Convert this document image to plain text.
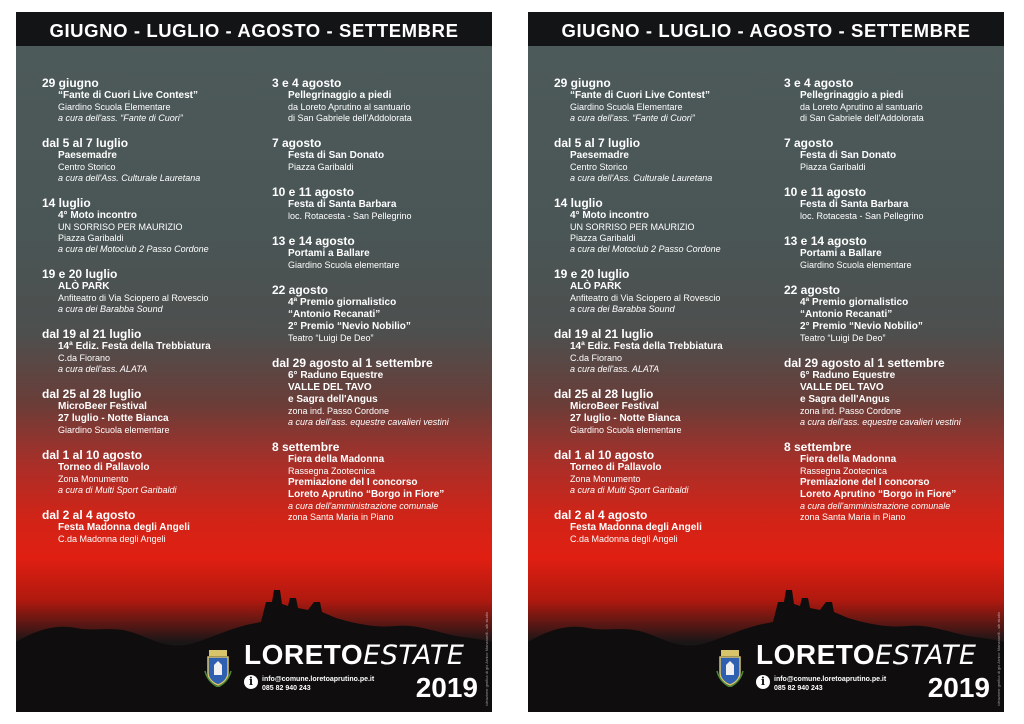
GIUGNO - LUGLIO - AGOSTO - SETTEMBRE
29 giugno
“Fante di Cuori Live Contest”
Giardino Scuola Elementare
a cura dell'ass. “Fante di Cuori”
dal 5 al 7 luglio
Paesemadre
Centro Storico
a cura dell'Ass. Culturale Lauretana
14 luglio
4° Moto incontro
UN SORRISO PER MAURIZIO
Piazza Garibaldi
a cura del Motoclub 2 Passo Cordone
19 e 20 luglio
ALÒ PARK
Anfiteatro di Via Sciopero al Rovescio
a cura dei Barabba Sound
dal 19 al 21 luglio
14ª Ediz. Festa della Trebbiatura
C.da Fiorano
a cura dell'ass. ALATA
dal 25 al 28 luglio
MicroBeer Festival
27 luglio - Notte Bianca
Giardino Scuola elementare
dal 1 al 10 agosto
Torneo di Pallavolo
Zona Monumento
a cura di Multi Sport Garibaldi
dal 2 al 4 agosto
Festa Madonna degli Angeli
C.da Madonna degli Angeli
3 e 4 agosto
Pellegrinaggio a piedi
da Loreto Aprutino al santuario
di San Gabriele dell'Addolorata
7 agosto
Festa di San Donato
Piazza Garibaldi
10 e 11 agosto
Festa di Santa Barbara
loc. Rotacesta - San Pellegrino
13 e 14 agosto
Portami a Ballare
Giardino Scuola elementare
22 agosto
4ª Premio giornalistico
“Antonio Recanati”
2° Premio “Nevio Nobilio”
Teatro “Luigi De Deo”
dal 29 agosto al 1 settembre
6° Raduno Equestre
VALLE DEL TAVO
e Sagra dell'Angus
zona ind. Passo Cordone
a cura dell'ass. equestre cavalieri vestini
8 settembre
Fiera della Madonna
Rassegna Zootecnica
Premiazione del I concorso
Loreto Aprutino “Borgo in Fiore”
a cura dell'amministrazione comunale
zona Santa Maria in Piano
LORETOESTATE
i	info@comune.loretoaprutino.pe.it
085 82 940 243	2019 ideazione grafica di gio Arnico Manzaselli - sib studio
GIUGNO - LUGLIO - AGOSTO - SETTEMBRE
29 giugno
“Fante di Cuori Live Contest”
Giardino Scuola Elementare
a cura dell'ass. “Fante di Cuori”
dal 5 al 7 luglio
Paesemadre
Centro Storico
a cura dell'Ass. Culturale Lauretana
14 luglio
4° Moto incontro
UN SORRISO PER MAURIZIO
Piazza Garibaldi
a cura del Motoclub 2 Passo Cordone
19 e 20 luglio
ALÒ PARK
Anfiteatro di Via Sciopero al Rovescio
a cura dei Barabba Sound
dal 19 al 21 luglio
14ª Ediz. Festa della Trebbiatura
C.da Fiorano
a cura dell'ass. ALATA
dal 25 al 28 luglio
MicroBeer Festival
27 luglio - Notte Bianca
Giardino Scuola elementare
dal 1 al 10 agosto
Torneo di Pallavolo
Zona Monumento
a cura di Multi Sport Garibaldi
dal 2 al 4 agosto
Festa Madonna degli Angeli
C.da Madonna degli Angeli
3 e 4 agosto
Pellegrinaggio a piedi
da Loreto Aprutino al santuario
di San Gabriele dell'Addolorata
7 agosto
Festa di San Donato
Piazza Garibaldi
10 e 11 agosto
Festa di Santa Barbara
loc. Rotacesta - San Pellegrino
13 e 14 agosto
Portami a Ballare
Giardino Scuola elementare
22 agosto
4ª Premio giornalistico
“Antonio Recanati”
2° Premio “Nevio Nobilio”
Teatro “Luigi De Deo”
dal 29 agosto al 1 settembre
6° Raduno Equestre
VALLE DEL TAVO
e Sagra dell'Angus
zona ind. Passo Cordone
a cura dell'ass. equestre cavalieri vestini
8 settembre
Fiera della Madonna
Rassegna Zootecnica
Premiazione del I concorso
Loreto Aprutino “Borgo in Fiore”
a cura dell'amministrazione comunale
zona Santa Maria in Piano
LORETOESTATE
i	info@comune.loretoaprutino.pe.it
085 82 940 243	2019 ideazione grafica di gio Arnico Manzaselli - sib studio
